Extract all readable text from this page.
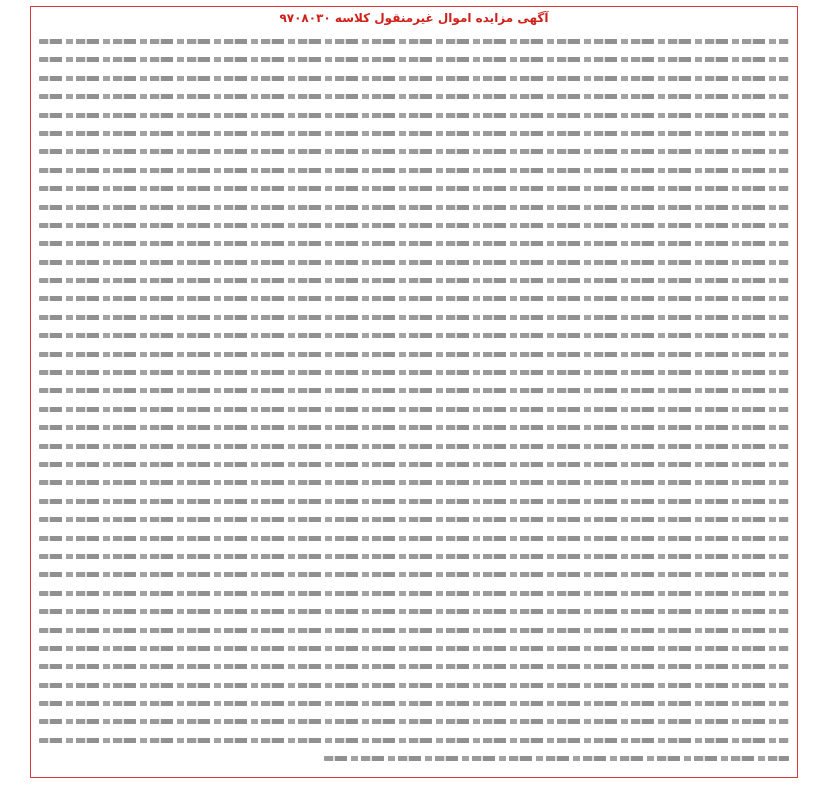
آگهی مزایده اموال غیرمنقول کلاسه ۹۷۰۸۰۳۰
